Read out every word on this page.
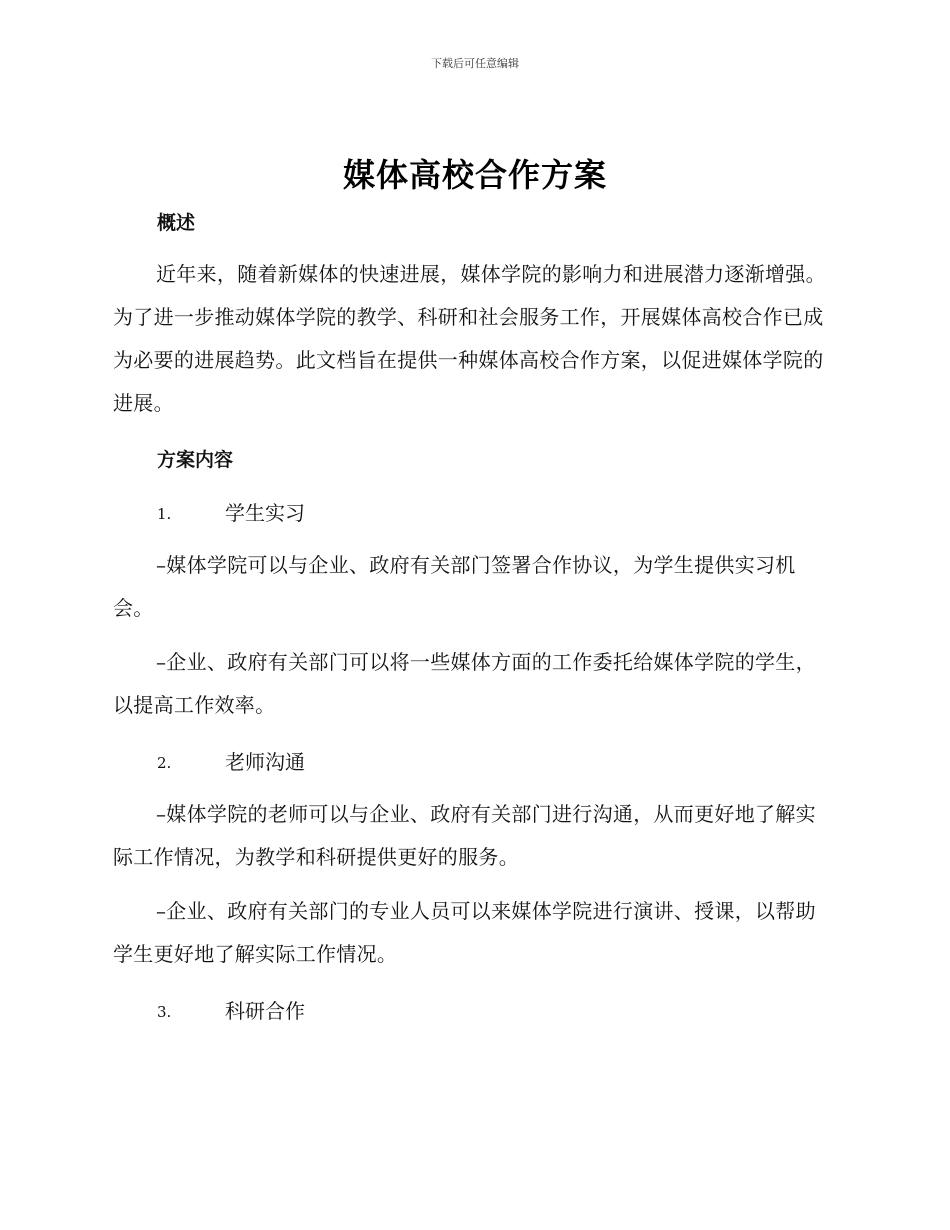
下载后可任意编辑
媒体高校合作方案
概述
近年来，随着新媒体的快速进展，媒体学院的影响力和进展潜力逐渐增强。为了进一步推动媒体学院的教学、科研和社会服务工作，开展媒体高校合作已成为必要的进展趋势。此文档旨在提供一种媒体高校合作方案，以促进媒体学院的进展。
方案内容
1.	学生实习
–媒体学院可以与企业、政府有关部门签署合作协议，为学生提供实习机会。
–企业、政府有关部门可以将一些媒体方面的工作委托给媒体学院的学生，以提高工作效率。
2.	老师沟通
–媒体学院的老师可以与企业、政府有关部门进行沟通，从而更好地了解实际工作情况，为教学和科研提供更好的服务。
–企业、政府有关部门的专业人员可以来媒体学院进行演讲、授课，以帮助学生更好地了解实际工作情况。
3.	科研合作
